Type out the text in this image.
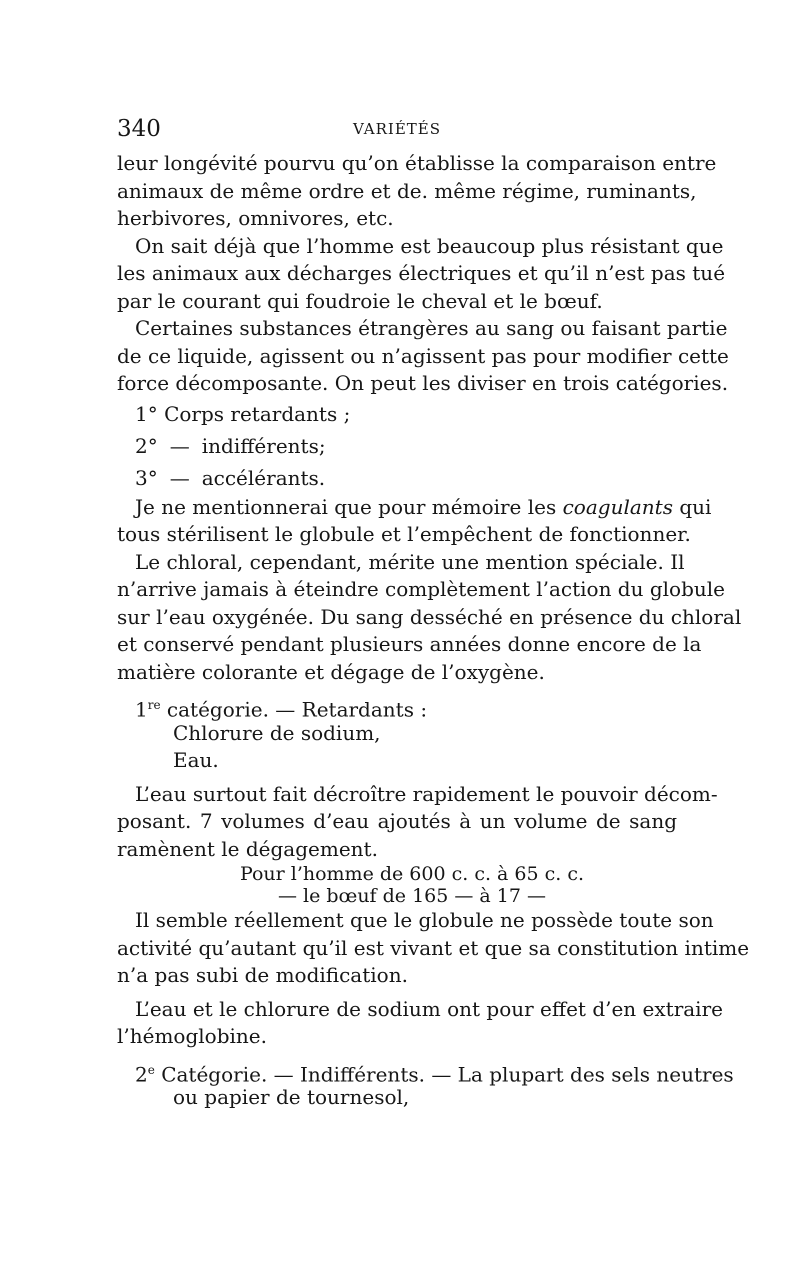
340	VARIÉTÉS
leur longévité pourvu qu’on établisse la comparaison entre
animaux de même ordre et de. même régime, ruminants,
herbivores, omnivores, etc.
On sait déjà que l’homme est beaucoup plus résistant que
les animaux aux décharges électriques et qu’il n’est pas tué
par le courant qui foudroie le cheval et le bœuf.
Certaines substances étrangères au sang ou faisant partie
de ce liquide, agissent ou n’agissent pas pour modifier cette
force décomposante. On peut les diviser en trois catégories.
1° Corps retardants ;
2° — indifférents;
3° — accélérants.
Je ne mentionnerai que pour mémoire les coagulants qui
tous stérilisent le globule et l’empêchent de fonctionner.
Le chloral, cependant, mérite une mention spéciale. Il
n’arrive jamais à éteindre complètement l’action du globule
sur l’eau oxygénée. Du sang desséché en présence du chloral
et conservé pendant plusieurs années donne encore de la
matière colorante et dégage de l’oxygène.
1re catégorie. — Retardants :
Chlorure de sodium,
Eau.
L’eau surtout fait décroître rapidement le pouvoir décom-
posant. 7 volumes d’eau ajoutés à un volume de sang
ramènent le dégagement.
Pour l’homme de 600 c. c. à 65 c. c.
— le bœuf de 165 — à 17 —
Il semble réellement que le globule ne possède toute son
activité qu’autant qu’il est vivant et que sa constitution intime
n’a pas subi de modification.
L’eau et le chlorure de sodium ont pour effet d’en extraire
l’hémoglobine.
2e Catégorie. — Indifférents. — La plupart des sels neutres
ou papier de tournesol,
